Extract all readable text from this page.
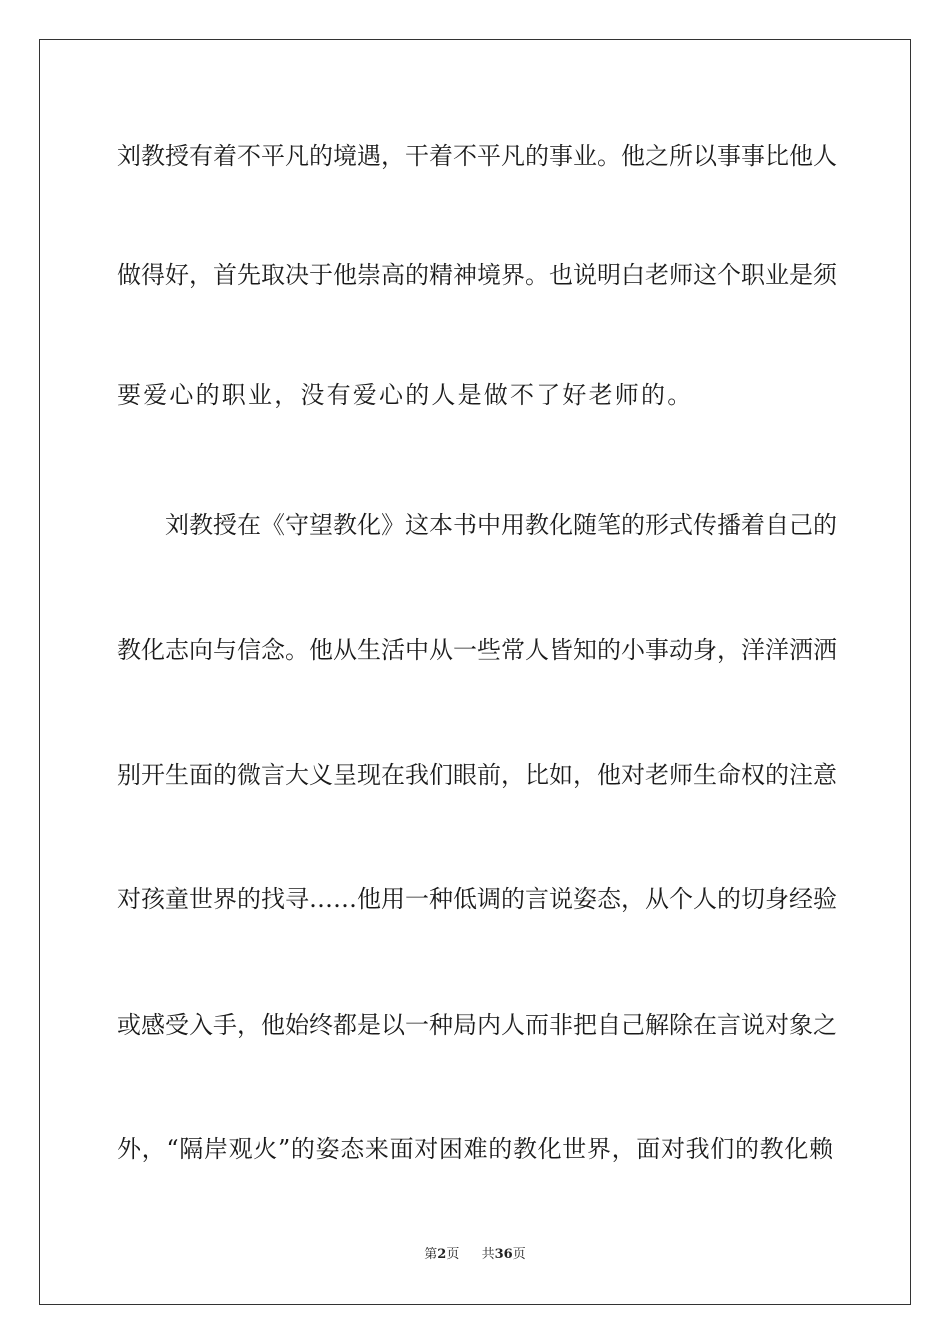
刘教授有着不平凡的境遇，干着不平凡的事业。他之所以事事比他人
做得好，首先取决于他崇高的精神境界。也说明白老师这个职业是须
要爱心的职业，没有爱心的人是做不了好老师的。
刘教授在《守望教化》这本书中用教化随笔的形式传播着自己的
教化志向与信念。他从生活中从一些常人皆知的小事动身，洋洋洒洒
别开生面的微言大义呈现在我们眼前，比如，他对老师生命权的注意
对孩童世界的找寻……他用一种低调的言说姿态，从个人的切身经验
或感受入手，他始终都是以一种局内人而非把自己解除在言说对象之
外，“隔岸观火”的姿态来面对困难的教化世界，面对我们的教化赖
第2页 共36页
